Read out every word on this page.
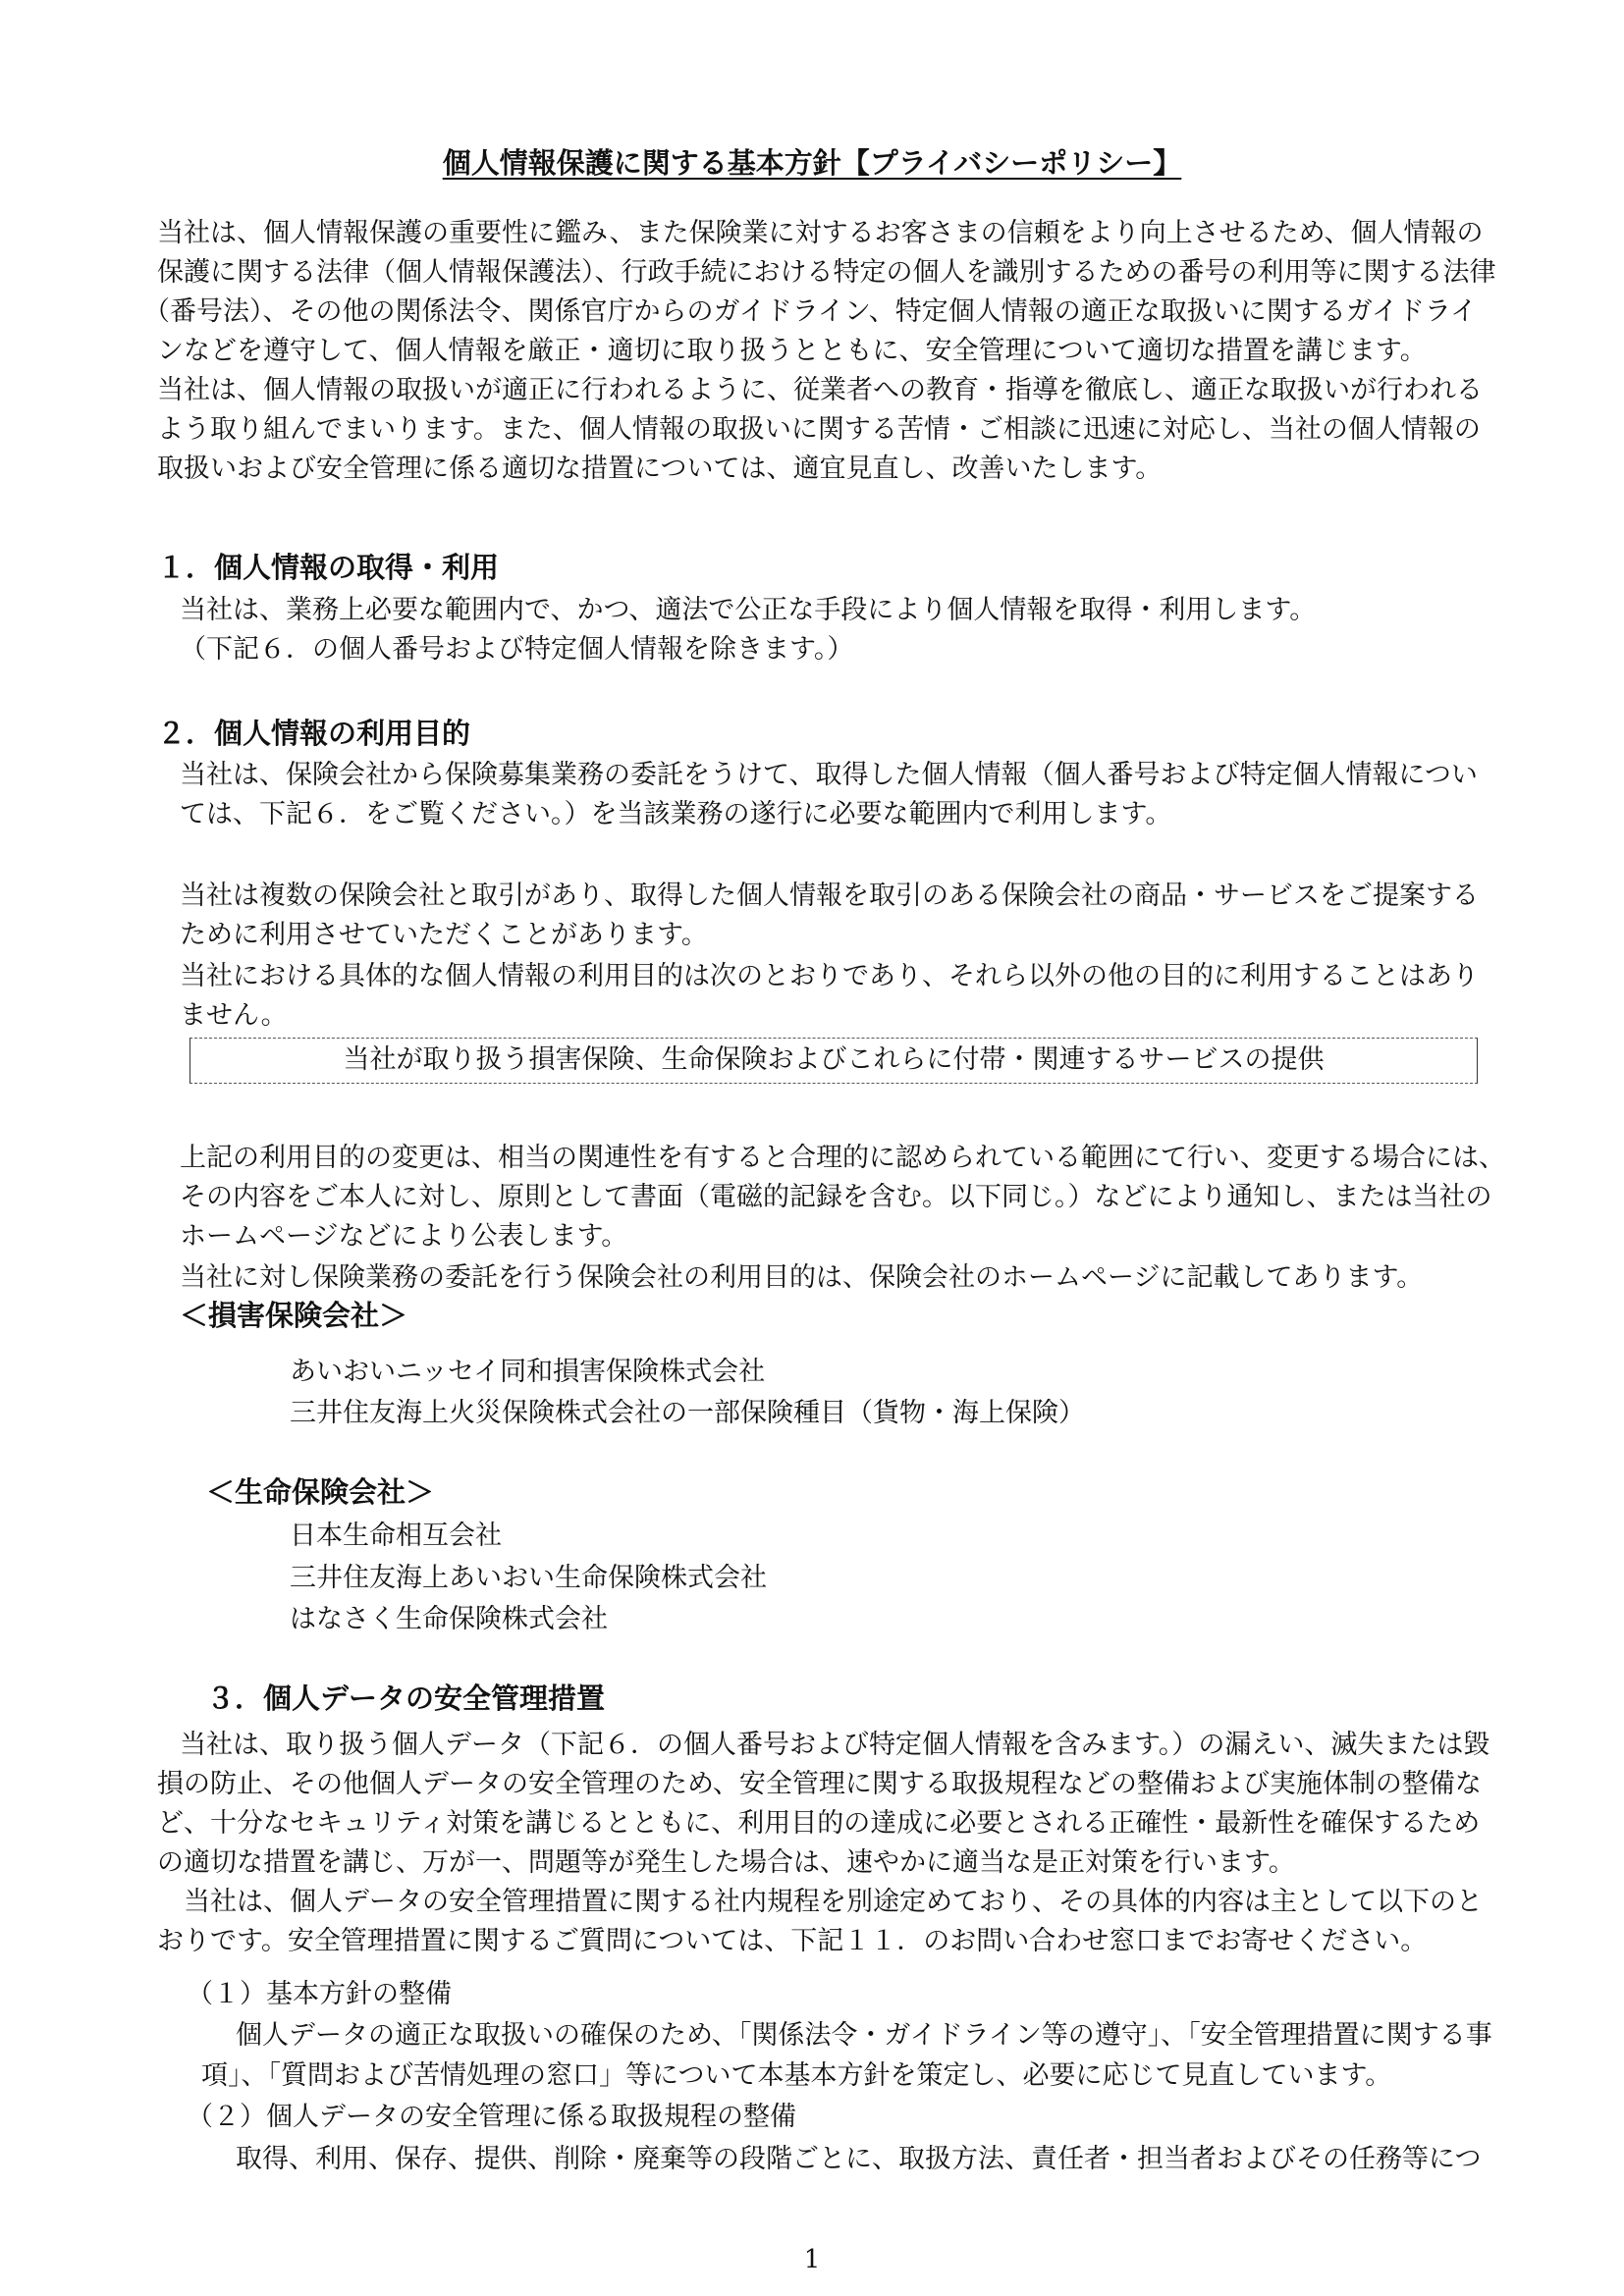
個人情報保護に関する基本方針【プライバシーポリシー】

当社は、個人情報保護の重要性に鑑み、また保険業に対するお客さまの信頼をより向上させるため、個人情報の

保護に関する法律（個人情報保護法）、行政手続における特定の個人を識別するための番号の利用等に関する法律

（番号法）、その他の関係法令、関係官庁からのガイドライン、特定個人情報の適正な取扱いに関するガイドライ

ンなどを遵守して、個人情報を厳正・適切に取り扱うとともに、安全管理について適切な措置を講じます。

当社は、個人情報の取扱いが適正に行われるように、従業者への教育・指導を徹底し、適正な取扱いが行われる

よう取り組んでまいります。また、個人情報の取扱いに関する苦情・ご相談に迅速に対応し、当社の個人情報の

取扱いおよび安全管理に係る適切な措置については、適宜見直し、改善いたします。

１．個人情報の取得・利用

当社は、業務上必要な範囲内で、かつ、適法で公正な手段により個人情報を取得・利用します。

（下記６．の個人番号および特定個人情報を除きます。）

２．個人情報の利用目的

当社は、保険会社から保険募集業務の委託をうけて、取得した個人情報（個人番号および特定個人情報につい

ては、下記６．をご覧ください。）を当該業務の遂行に必要な範囲内で利用します。

当社は複数の保険会社と取引があり、取得した個人情報を取引のある保険会社の商品・サービスをご提案する

ために利用させていただくことがあります。

当社における具体的な個人情報の利用目的は次のとおりであり、それら以外の他の目的に利用することはあり

ません。

当社が取り扱う損害保険、生命保険およびこれらに付帯・関連するサービスの提供

上記の利用目的の変更は、相当の関連性を有すると合理的に認められている範囲にて行い、変更する場合には、

その内容をご本人に対し、原則として書面（電磁的記録を含む。以下同じ。）などにより通知し、または当社の

ホームページなどにより公表します。

当社に対し保険業務の委託を行う保険会社の利用目的は、保険会社のホームページに記載してあります。

＜損害保険会社＞

あいおいニッセイ同和損害保険株式会社

三井住友海上火災保険株式会社の一部保険種目（貨物・海上保険）

＜生命保険会社＞

日本生命相互会社

三井住友海上あいおい生命保険株式会社

はなさく生命保険株式会社

３．個人データの安全管理措置

当社は、取り扱う個人データ（下記６．の個人番号および特定個人情報を含みます。）の漏えい、滅失または毀

損の防止、その他個人データの安全管理のため、安全管理に関する取扱規程などの整備および実施体制の整備な

ど、十分なセキュリティ対策を講じるとともに、利用目的の達成に必要とされる正確性・最新性を確保するため

の適切な措置を講じ、万が一、問題等が発生した場合は、速やかに適当な是正対策を行います。

　当社は、個人データの安全管理措置に関する社内規程を別途定めており、その具体的内容は主として以下のと

おりです。安全管理措置に関するご質問については、下記１１．のお問い合わせ窓口までお寄せください。

（１）基本方針の整備

個人データの適正な取扱いの確保のため、「関係法令・ガイドライン等の遵守」、「安全管理措置に関する事

項」、「質問および苦情処理の窓口」等について本基本方針を策定し、必要に応じて見直しています。

（２）個人データの安全管理に係る取扱規程の整備

取得、利用、保存、提供、削除・廃棄等の段階ごとに、取扱方法、責任者・担当者およびその任務等につ

1
